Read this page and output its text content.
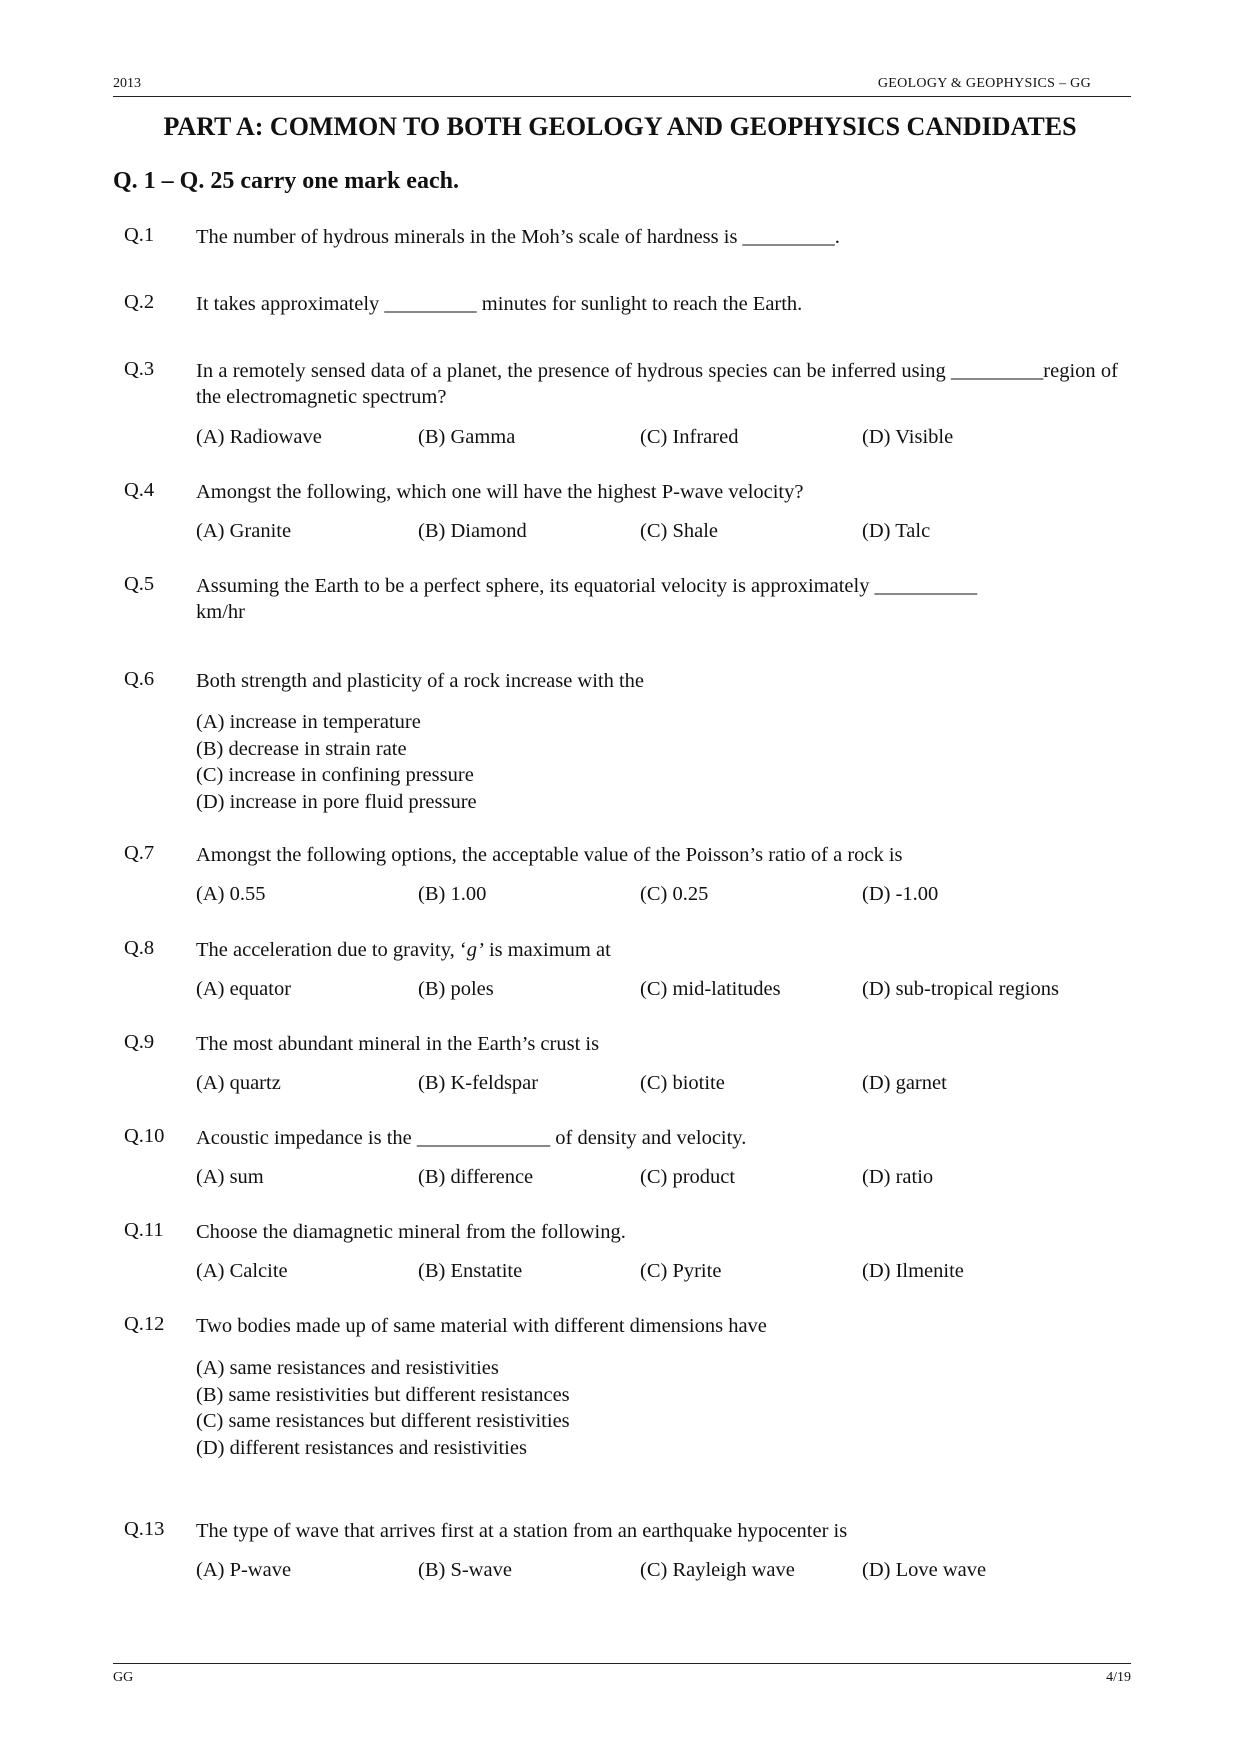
2013	GEOLOGY & GEOPHYSICS – GG
PART A: COMMON TO BOTH GEOLOGY AND GEOPHYSICS CANDIDATES
Q. 1 – Q. 25 carry one mark each.
Q.1 The number of hydrous minerals in the Moh’s scale of hardness is _________.
Q.2 It takes approximately _________ minutes for sunlight to reach the Earth.
Q.3 In a remotely sensed data of a planet, the presence of hydrous species can be inferred using _________region of the electromagnetic spectrum?
(A) Radiowave	(B) Gamma	(C) Infrared	(D) Visible
Q.4 Amongst the following, which one will have the highest P-wave velocity?
(A) Granite	(B) Diamond	(C) Shale	(D) Talc
Q.5 Assuming the Earth to be a perfect sphere, its equatorial velocity is approximately __________
km/hr
Q.6 Both strength and plasticity of a rock increase with the
(A) increase in temperature
(B) decrease in strain rate
(C) increase in confining pressure
(D) increase in pore fluid pressure
Q.7 Amongst the following options, the acceptable value of the Poisson’s ratio of a rock is
(A) 0.55	(B) 1.00	(C) 0.25	(D) -1.00
Q.8 The acceleration due to gravity, ‘g’ is maximum at
(A) equator	(B) poles	(C) mid-latitudes	(D) sub-tropical regions
Q.9 The most abundant mineral in the Earth’s crust is
(A) quartz	(B) K-feldspar	(C) biotite	(D) garnet
Q.10 Acoustic impedance is the _____________ of density and velocity.
(A) sum	(B) difference	(C) product	(D) ratio
Q.11 Choose the diamagnetic mineral from the following.
(A) Calcite	(B) Enstatite	(C) Pyrite	(D) Ilmenite
Q.12 Two bodies made up of same material with different dimensions have
(A) same resistances and resistivities
(B) same resistivities but different resistances
(C) same resistances but different resistivities
(D) different resistances and resistivities
Q.13 The type of wave that arrives first at a station from an earthquake hypocenter is
(A) P-wave	(B) S-wave	(C) Rayleigh wave	(D) Love wave
GG	4/19
